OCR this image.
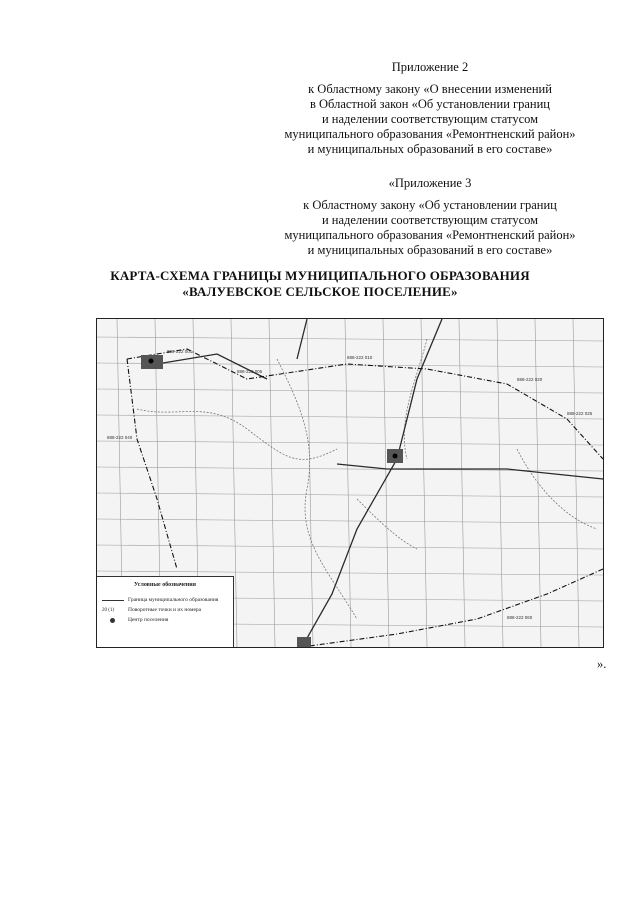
Приложение 2
к Областному закону «О внесении изменений
в Областной закон «Об установлении границ
и наделении соответствующим статусом
муниципального образования «Ремонтненский район»
и муниципальных образований в его составе»
«Приложение 3
к Областному закону «Об установлении границ
и наделении соответствующим статусом
муниципального образования «Ремонтненский район»
и муниципальных образований в его составе»
КАРТА-СХЕМА ГРАНИЦЫ МУНИЦИПАЛЬНОГО ОБРАЗОВАНИЯ
«ВАЛУЕВСКОЕ СЕЛЬСКОЕ ПОСЕЛЕНИЕ»
888-222 001
888-222 005
888-222 010
888-222 020
888-222 025
888-222 040
888-222 060
Условные обозначения
Граница муниципального образования
20 (1)	Поворотные точки и их номера
Центр поселения
».
